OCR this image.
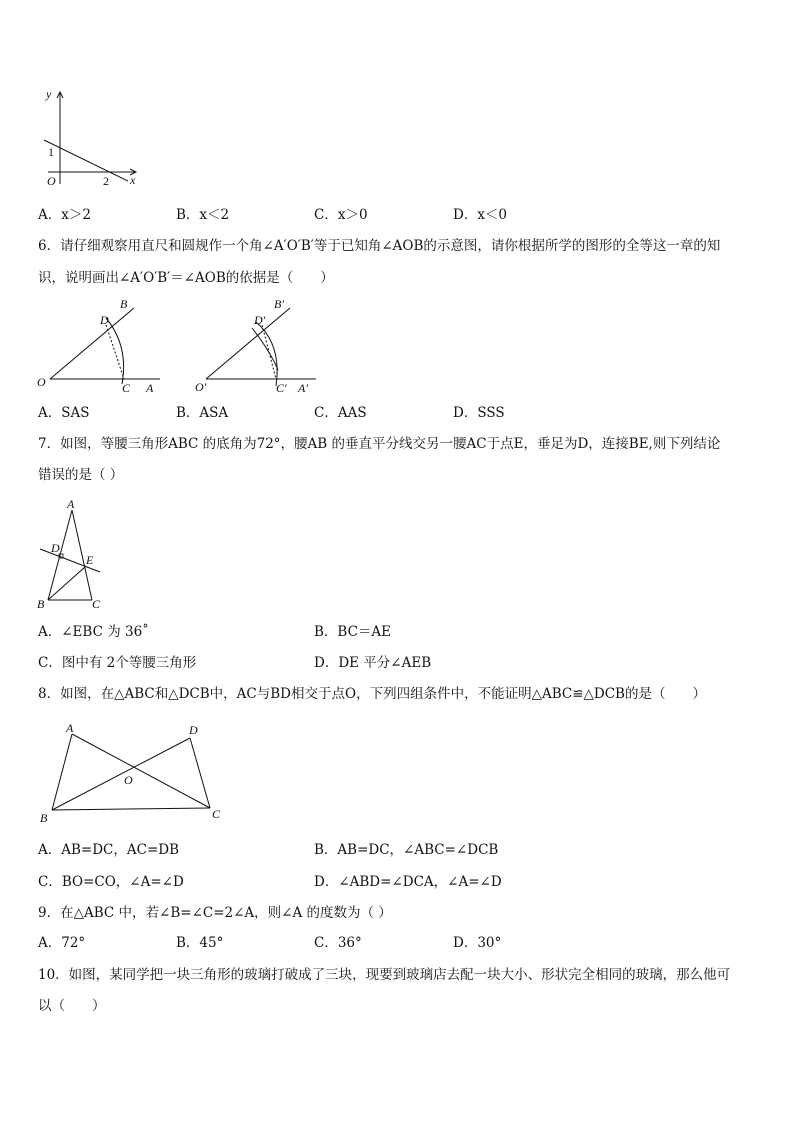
y
x
1
2
O
A．x＞2	B．x＜2	C．x＞0	D．x＜0
6．请仔细观察用直尺和圆规作一个角∠A′O′B′等于已知角∠AOB的示意图，请你根据所学的图形的全等这一章的知
识，说明画出∠A′O′B′＝∠AOB的依据是（　　）
B
D
O	C A
B′
D′
O′	C′ A′
A．SAS	B．ASA	C．AAS	D．SSS
7．如图，等腰三角形ABC 的底角为72°，腰AB 的垂直平分线交另一腰AC于点E，垂足为D，连接BE,则下列结论
错误的是（ ）
A
D
E
B	C
A．∠EBC 为 36˚	B．BC＝AE
C．图中有 2个等腰三角形	D．DE 平分∠AEB
8．如图，在△ABC和△DCB中，AC与BD相交于点O，下列四组条件中，不能证明△ABC≌△DCB的是（　　）
A	D
O
B	C
A．AB=DC，AC=DB	B．AB=DC，∠ABC=∠DCB
C．BO=CO，∠A=∠D	D．∠ABD=∠DCA，∠A=∠D
9．在△ABC 中，若∠B=∠C=2∠A，则∠A 的度数为（ ）
A．72°	B．45°	C．36°	D．30°
10．如图，某同学把一块三角形的玻璃打破成了三块，现要到玻璃店去配一块大小、形状完全相同的玻璃，那么他可
以（　　）
